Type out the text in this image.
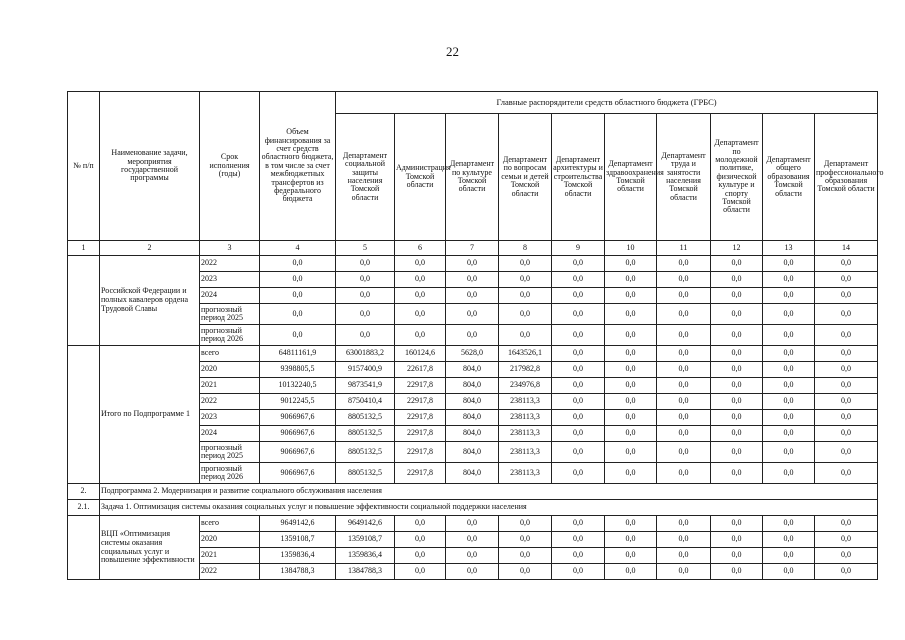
22
№ п/п	Наименование задачи, мероприятия государственной программы	Срок исполнения (годы)	Объем финансирования за счет средств областного бюджета, в том числе за счет межбюджетных трансфертов из федерального бюджета	Главные распорядители средств областного бюджета (ГРБС)									
				Департамент социальной защиты населения Томской области	Администрация Томской области	Департамент по культуре Томской области	Департамент по вопросам семьи и детей Томской области	Департамент архитектуры и строительства Томской области	Департамент здравоохранения Томской области	Департамент труда и занятости населения Томской области	Департамент по молодежной политике, физической культуре и спорту Томской области	Департамент общего образования Томской области	Департамент профессионального образования Томской области
1	2	3	4	5	6	7	8	9	10	11	12	13	14
	Российской Федерации и полных кавалеров ордена Трудовой Славы	2022	0,0	0,0	0,0	0,0	0,0	0,0	0,0	0,0	0,0	0,0	0,0
		2023	0,0	0,0	0,0	0,0	0,0	0,0	0,0	0,0	0,0	0,0	0,0
		2024	0,0	0,0	0,0	0,0	0,0	0,0	0,0	0,0	0,0	0,0	0,0
		прогнозный период 2025	0,0	0,0	0,0	0,0	0,0	0,0	0,0	0,0	0,0	0,0	0,0
		прогнозный период 2026	0,0	0,0	0,0	0,0	0,0	0,0	0,0	0,0	0,0	0,0	0,0
	Итого по Подпрограмме 1	всего	64811161,9	63001883,2	160124,6	5628,0	1643526,1	0,0	0,0	0,0	0,0	0,0	0,0
		2020	9398805,5	9157400,9	22617,8	804,0	217982,8	0,0	0,0	0,0	0,0	0,0	0,0
		2021	10132240,5	9873541,9	22917,8	804,0	234976,8	0,0	0,0	0,0	0,0	0,0	0,0
		2022	9012245,5	8750410,4	22917,8	804,0	238113,3	0,0	0,0	0,0	0,0	0,0	0,0
		2023	9066967,6	8805132,5	22917,8	804,0	238113,3	0,0	0,0	0,0	0,0	0,0	0,0
		2024	9066967,6	8805132,5	22917,8	804,0	238113,3	0,0	0,0	0,0	0,0	0,0	0,0
		прогнозный период 2025	9066967,6	8805132,5	22917,8	804,0	238113,3	0,0	0,0	0,0	0,0	0,0	0,0
		прогнозный период 2026	9066967,6	8805132,5	22917,8	804,0	238113,3	0,0	0,0	0,0	0,0	0,0	0,0
2.	Подпрограмма 2. Модернизация и развитие социального обслуживания населения												
2.1.	Задача 1. Оптимизация системы оказания социальных услуг и повышение эффективности социальной поддержки населения												
	ВЦП «Оптимизация системы оказания социальных услуг и повышение эффективности	всего	9649142,6	9649142,6	0,0	0,0	0,0	0,0	0,0	0,0	0,0	0,0	0,0
		2020	1359108,7	1359108,7	0,0	0,0	0,0	0,0	0,0	0,0	0,0	0,0	0,0
		2021	1359836,4	1359836,4	0,0	0,0	0,0	0,0	0,0	0,0	0,0	0,0	0,0
		2022	1384788,3	1384788,3	0,0	0,0	0,0	0,0	0,0	0,0	0,0	0,0	0,0
